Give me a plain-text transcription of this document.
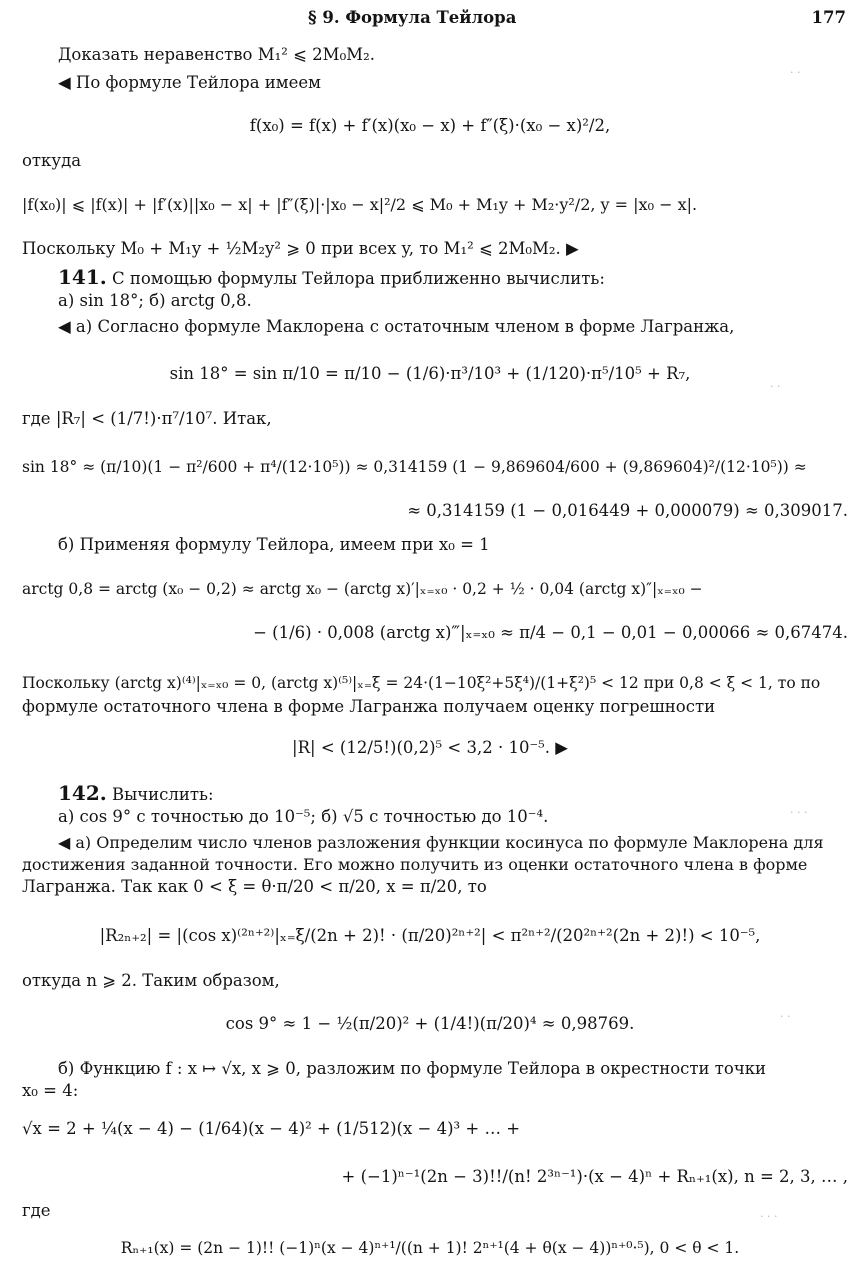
§ 9. Формула Тейлора	177
Доказать неравенство M₁² ⩽ 2M₀M₂.
◀ По формуле Тейлора имеем
f(x₀) = f(x) + f′(x)(x₀ − x) + f″(ξ)·(x₀ − x)²/2,
откуда
|f(x₀)| ⩽ |f(x)| + |f′(x)||x₀ − x| + |f″(ξ)|·|x₀ − x|²/2 ⩽ M₀ + M₁y + M₂·y²/2, y = |x₀ − x|.
Поскольку M₀ + M₁y + ½M₂y² ⩾ 0 при всех y, то M₁² ⩽ 2M₀M₂. ▶
141. С помощью формулы Тейлора приближенно вычислить:
а) sin 18°; б) arctg 0,8.
◀ а) Согласно формуле Маклорена с остаточным членом в форме Лагранжа,
sin 18° = sin π/10 = π/10 − (1/6)·π³/10³ + (1/120)·π⁵/10⁵ + R₇,
где |R₇| < (1/7!)·π⁷/10⁷. Итак,
sin 18° ≈ (π/10)(1 − π²/600 + π⁴/(12·10⁵)) ≈ 0,314159 (1 − 9,869604/600 + (9,869604)²/(12·10⁵)) ≈
≈ 0,314159 (1 − 0,016449 + 0,000079) ≈ 0,309017.
б) Применяя формулу Тейлора, имеем при x₀ = 1
arctg 0,8 = arctg (x₀ − 0,2) ≈ arctg x₀ − (arctg x)′|ₓ₌ₓ₀ · 0,2 + ½ · 0,04 (arctg x)″|ₓ₌ₓ₀ −
− (1/6) · 0,008 (arctg x)‴|ₓ₌ₓ₀ ≈ π/4 − 0,1 − 0,01 − 0,00066 ≈ 0,67474.
Поскольку (arctg x)⁽⁴⁾|ₓ₌ₓ₀ = 0, (arctg x)⁽⁵⁾|ₓ₌ξ = 24·(1−10ξ²+5ξ⁴)/(1+ξ²)⁵ < 12 при 0,8 < ξ < 1, то по
формуле остаточного члена в форме Лагранжа получаем оценку погрешности
|R| < (12/5!)(0,2)⁵ < 3,2 · 10⁻⁵. ▶
142. Вычислить:
а) cos 9° с точностью до 10⁻⁵; б) √5 с точностью до 10⁻⁴.
◀ а) Определим число членов разложения функции косинуса по формуле Маклорена для
достижения заданной точности. Его можно получить из оценки остаточного члена в форме
Лагранжа. Так как 0 < ξ = θ·π/20 < π/20, x = π/20, то
|R₂ₙ₊₂| = |(cos x)⁽²ⁿ⁺²⁾|ₓ₌ξ/(2n + 2)! · (π/20)²ⁿ⁺²| < π²ⁿ⁺²/(20²ⁿ⁺²(2n + 2)!) < 10⁻⁵,
откуда n ⩾ 2. Таким образом,
cos 9° ≈ 1 − ½(π/20)² + (1/4!)(π/20)⁴ ≈ 0,98769.
б) Функцию f : x ↦ √x, x ⩾ 0, разложим по формуле Тейлора в окрестности точки
x₀ = 4:
√x = 2 + ¼(x − 4) − (1/64)(x − 4)² + (1/512)(x − 4)³ + … +
+ (−1)ⁿ⁻¹(2n − 3)!!/(n! 2³ⁿ⁻¹)·(x − 4)ⁿ + Rₙ₊₁(x), n = 2, 3, … ,
где
Rₙ₊₁(x) = (2n − 1)!! (−1)ⁿ(x − 4)ⁿ⁺¹/((n + 1)! 2ⁿ⁺¹(4 + θ(x − 4))ⁿ⁺⁰·⁵), 0 < θ < 1.
· ·
· ·
· · ·
· ·
· · ·
